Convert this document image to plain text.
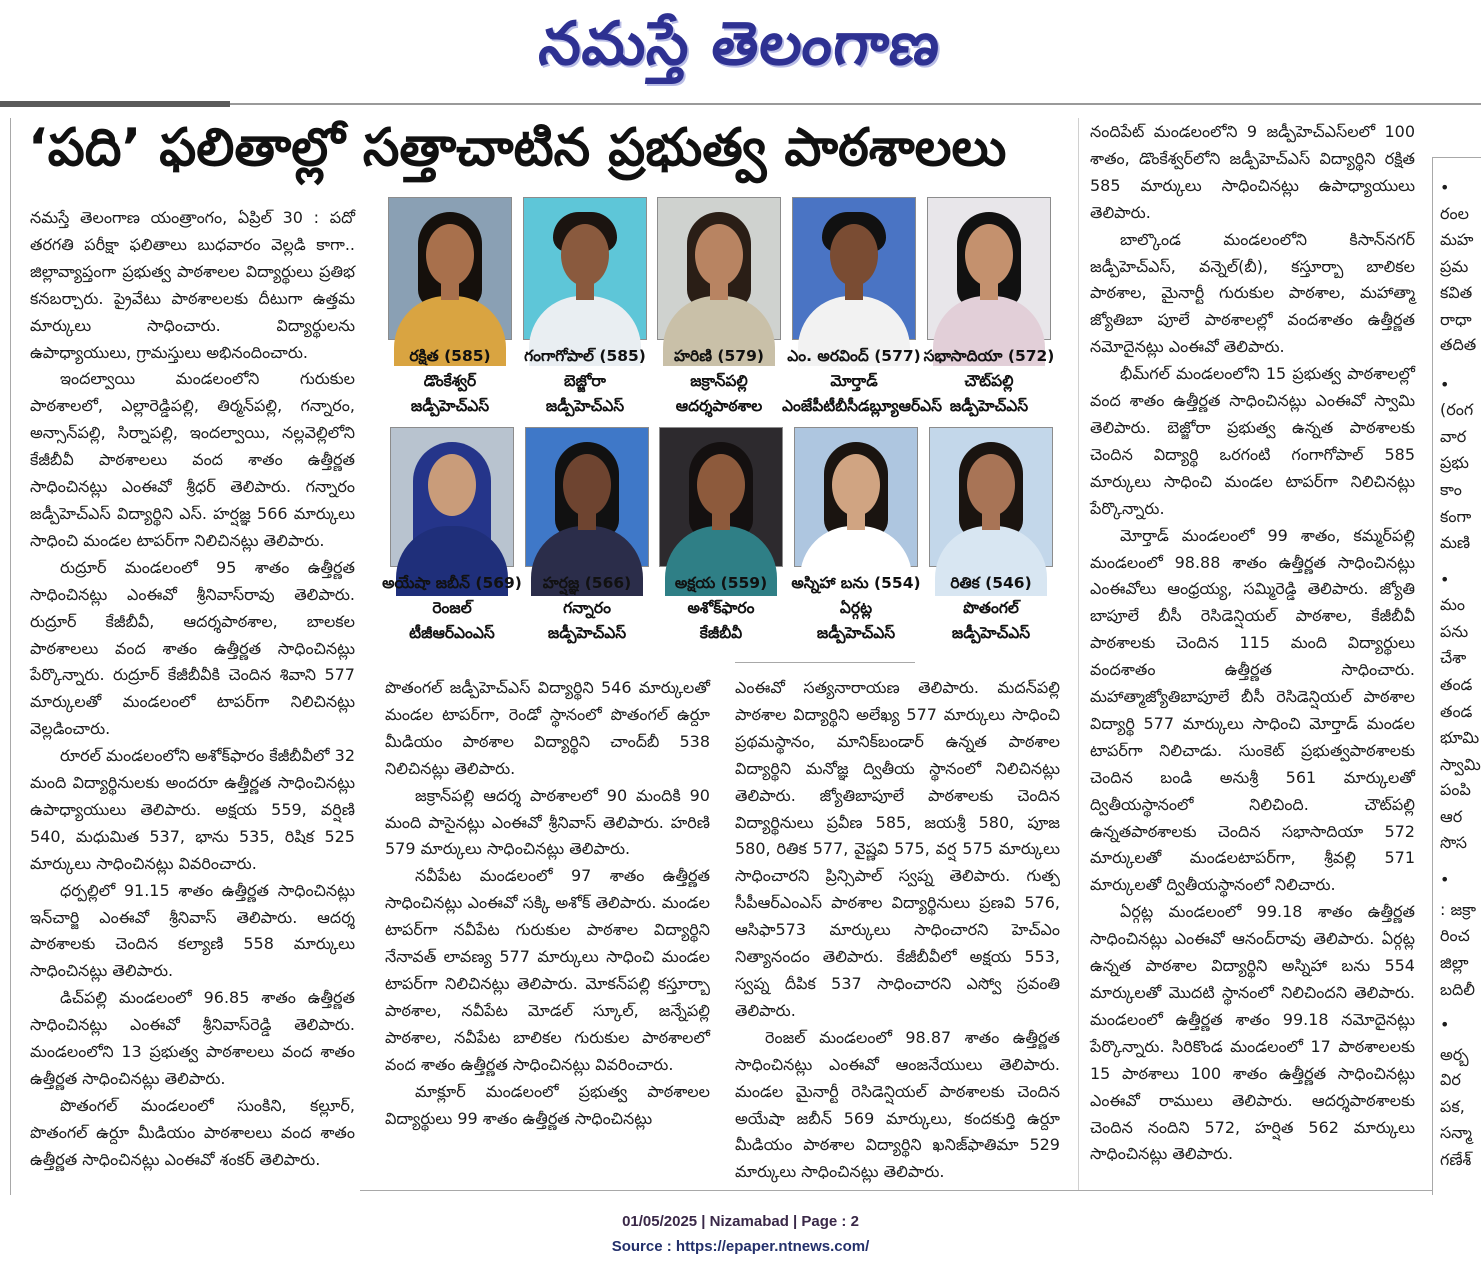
నమస్తే తెలంగాణ
‘పది’ ఫలితాల్లో సత్తాచాటిన ప్రభుత్వ పాఠశాలలు

నమస్తే తెలంగాణ యంత్రాంగం, ఏప్రిల్ 30 : పదో తరగతి పరీక్షా ఫలితాలు బుధవారం వెల్లడి కాగా.. జిల్లావ్యాప్తంగా ప్రభుత్వ పాఠశాలల విద్యార్థులు ప్రతిభ కనబర్చారు. ప్రైవేటు పాఠశాలలకు దీటుగా ఉత్తమ మార్కులు సాధించారు. విద్యార్థులను ఉపాధ్యాయులు, గ్రామస్తులు అభినందించారు.

ఇందల్వాయి మండలంలోని గురుకుల పాఠశాలలో, ఎల్లారెడ్డిపల్లి, తిర్మన్‌పల్లి, గన్నారం, అన్సాన్‌పల్లి, సిర్నాపల్లి, ఇందల్వాయి, నల్లవెల్లిలోని కేజీబీవీ పాఠశాలలు వంద శాతం ఉత్తీర్ణత సాధించినట్లు ఎంఈవో శ్రీధర్ తెలిపారు. గన్నారం జడ్పీహెచ్‌ఎస్ విద్యార్థిని ఎస్. హర్షజ్ఞ 566 మార్కులు సాధించి మండల టాపర్‌గా నిలిచినట్లు తెలిపారు.

రుద్రూర్ మండలంలో 95 శాతం ఉత్తీర్ణత సాధించినట్లు ఎంఈవో శ్రీనివాస్‌రావు తెలిపారు. రుద్రూర్ కేజీబీవీ, ఆదర్శపాఠశాల, బాలకల పాఠశాలలు వంద శాతం ఉత్తీర్ణత సాధించినట్లు పేర్కొన్నారు. రుద్రూర్ కేజీబీవీకి చెందిన శివాని 577 మార్కులతో మండలంలో టాపర్‌గా నిలిచినట్లు వెల్లడించారు.

రూరల్ మండలంలోని అశోక్‌ఫారం కేజీబీవీలో 32 మంది విద్యార్థినులకు అందరూ ఉత్తీర్ణత సాధించినట్లు ఉపాధ్యాయులు తెలిపారు. అక్షయ 559, వర్షిణి 540, మధుమిత 537, భాను 535, రిషిక 525 మార్కులు సాధించినట్లు వివరించారు.

ధర్పల్లిలో 91.15 శాతం ఉత్తీర్ణత సాధించినట్లు ఇన్‌చార్జి ఎంఈవో శ్రీనివాస్ తెలిపారు. ఆదర్శ పాఠశాలకు చెందిన కల్యాణి 558 మార్కులు సాధించినట్లు తెలిపారు.

డిచ్‌పల్లి మండలంలో 96.85 శాతం ఉత్తీర్ణత సాధించినట్లు ఎంఈవో శ్రీనివాస్‌రెడ్డి తెలిపారు. మండలంలోని 13 ప్రభుత్వ పాఠశాలలు వంద శాతం ఉత్తీర్ణత సాధించినట్లు తెలిపారు.

పొతంగల్ మండలంలో సుంకిని, కల్లూర్, పొతంగల్ ఉర్దూ మీడియం పాఠశాలలు వంద శాతం ఉత్తీర్ణత సాధించినట్లు ఎంఈవో శంకర్ తెలిపారు.

రక్షిత (585)
డొంకేశ్వర్
జడ్పీహెచ్‌ఎస్
గంగాగోపాల్ (585)
బెజ్జోరా
జడ్పీహెచ్‌ఎస్
హరిణి (579)
జక్రాన్‌పల్లి
ఆదర్శపాఠశాల
ఎం. అరవింద్ (577)
మోర్తాడ్
ఎంజేపీటీబీసీడబ్ల్యూఆర్ఎస్
సభాసాదియా (572)
చౌట్‌పల్లి
జడ్పీహెచ్‌ఎస్
అయేషా జబీన్ (569)
రెంజల్
టీజీఆర్‌ఎంఎస్
హర్షజ్ఞ (566)
గన్నారం
జడ్పీహెచ్‌ఎస్
అక్షయ (559)
అశోక్‌ఫారం
కేజీబీవీ
అస్నిహా బను (554)
ఏర్గట్ల
జడ్పీహెచ్‌ఎస్
రితిక (546)
పొతంగల్
జడ్పీహెచ్‌ఎస్

పొతంగల్ జడ్పీహెచ్‌ఎస్ విద్యార్థిని 546 మార్కులతో మండల టాపర్‌గా, రెండో స్థానంలో పొతంగల్ ఉర్దూ మీడియం పాఠశాల విద్యార్థిని చాంద్‌బీ 538 నిలిచినట్లు తెలిపారు.

జక్రాన్‌పల్లి ఆదర్శ పాఠశాలలో 90 మందికి 90 మంది పాసైనట్లు ఎంఈవో శ్రీనివాస్ తెలిపారు. హరిణి 579 మార్కులు సాధించినట్లు తెలిపారు.

నవీపేట మండలంలో 97 శాతం ఉత్తీర్ణత సాధించినట్లు ఎంఈవో సక్కి అశోక్ తెలిపారు. మండల టాపర్‌గా నవీపేట గురుకుల పాఠశాల విద్యార్థిని నేనావత్ లావణ్య 577 మార్కులు సాధించి మండల టాపర్‌గా నిలిచినట్లు తెలిపారు. మోకన్‌పల్లి కస్తూర్బా పాఠశాల, నవీపేట మోడల్ స్కూల్, జన్నేపల్లి పాఠశాల, నవీపేట బాలికల గురుకుల పాఠశాలలో వంద శాతం ఉత్తీర్ణత సాధించినట్లు వివరించారు.

మాక్లూర్ మండలంలో ప్రభుత్వ పాఠశాలల విద్యార్థులు 99 శాతం ఉత్తీర్ణత సాధించినట్లు

ఎంఈవో సత్యనారాయణ తెలిపారు. మదన్‌పల్లి పాఠశాల విద్యార్థిని అలేఖ్య 577 మార్కులు సాధించి ప్రథమస్థానం, మానిక్‌బండార్ ఉన్నత పాఠశాల విద్యార్థిని మనోజ్ఞ ద్వితీయ స్థానంలో నిలిచినట్లు తెలిపారు. జ్యోతిబాపూలే పాఠశాలకు చెందిన విద్యార్థినులు ప్రవీణ 585, జయశ్రీ 580, పూజ 580, రితిక 577, వైష్ణవి 575, వర్ష 575 మార్కులు సాధించారని ప్రిన్సిపాల్ స్వప్న తెలిపారు. గుత్ప సీపీఆర్ఎంఎస్ పాఠశాల విద్యార్థినులు ప్రణవి 576, ఆసిఫా573 మార్కులు సాధించారని హెచ్ఎం నిత్యానందం తెలిపారు. కేజీబీవీలో అక్షయ 553, స్వప్న దీపిక 537 సాధించారని ఎస్వో స్రవంతి తెలిపారు.

రెంజల్ మండలంలో 98.87 శాతం ఉత్తీర్ణత సాధించినట్లు ఎంఈవో ఆంజనేయులు తెలిపారు. మండల మైనార్టీ రెసిడెన్షియల్ పాఠశాలకు చెందిన అయేషా జబీన్ 569 మార్కులు, కందకుర్తి ఉర్దూ మీడియం పాఠశాల విద్యార్థిని ఖనిజ్‌ఫాతిమా 529 మార్కులు సాధించినట్లు తెలిపారు.

నందిపేట్ మండలంలోని 9 జడ్పీహెచ్‌ఎస్‌లలో 100 శాతం, డొంకేశ్వర్‌లోని జడ్పీహెచ్‌ఎస్ విద్యార్థిని రక్షిత 585 మార్కులు సాధించినట్లు ఉపాధ్యాయులు తెలిపారు.

బాల్కొండ మండలంలోని కిసాన్‌నగర్ జడ్పీహెచ్‌ఎస్, వన్నెల్(బీ), కస్తూర్బా బాలికల పాఠశాల, మైనార్టీ గురుకుల పాఠశాల, మహాత్మా జ్యోతిబా పూలే పాఠశాలల్లో వందశాతం ఉత్తీర్ణత నమోదైనట్లు ఎంఈవో తెలిపారు.

భీమ్‌గల్ మండలంలోని 15 ప్రభుత్వ పాఠశాలల్లో వంద శాతం ఉత్తీర్ణత సాధించినట్లు ఎంఈవో స్వామి తెలిపారు. బెజ్జోరా ప్రభుత్వ ఉన్నత పాఠశాలకు చెందిన విద్యార్థి ఒరగంటి గంగాగోపాల్ 585 మార్కులు సాధించి మండల టాపర్‌గా నిలిచినట్లు పేర్కొన్నారు.

మోర్తాడ్ మండలంలో 99 శాతం, కమ్మర్‌పల్లి మండలంలో 98.88 శాతం ఉత్తీర్ణత సాధించినట్లు ఎంఈవోలు ఆంధ్రయ్య, సమ్మిరెడ్డి తెలిపారు. జ్యోతి బాపూలే బీసీ రెసిడెన్షియల్ పాఠశాల, కేజీబీవీ పాఠశాలకు చెందిన 115 మంది విద్యార్థులు వందశాతం ఉత్తీర్ణత సాధించారు. మహాత్మాజ్యోతిబాపూలే బీసీ రెసిడెన్షియల్ పాఠశాల విద్యార్థి 577 మార్కులు సాధించి మోర్తాడ్ మండల టాపర్‌గా నిలిచాడు. సుంకెట్ ప్రభుత్వపాఠశాలకు చెందిన బండి అనుశ్రీ 561 మార్కులతో ద్వితీయస్థానంలో నిలిచింది. చౌట్‌పల్లి ఉన్నతపాఠశాలకు చెందిన సభాసాదియా 572 మార్కులతో మండలటాపర్‌గా, శ్రీవల్లి 571 మార్కులతో ద్వితీయస్థానంలో నిలిచారు.

ఏర్గట్ల మండలంలో 99.18 శాతం ఉత్తీర్ణత సాధించినట్లు ఎంఈవో ఆనంద్‌రావు తెలిపారు. ఏర్గట్ల ఉన్నత పాఠశాల విద్యార్థిని అస్నిహా బను 554 మార్కులతో మొదటి స్థానంలో నిలిచిందని తెలిపారు. మండలంలో ఉత్తీర్ణత శాతం 99.18 నమోదైనట్లు పేర్కొన్నారు. సిరికొండ మండలంలో 17 పాఠశాలలకు 15 పాఠశాలు 100 శాతం ఉత్తీర్ణత సాధించినట్లు ఎంఈవో రాములు తెలిపారు. ఆదర్శపాఠశాలకు చెందిన నందిని 572, హర్షిత 562 మార్కులు సాధించినట్లు తెలిపారు.

•
రంల
మహ
ప్రమ
కవిత
రాధా
తదిత
•
(రంగ
వార
ప్రభు
కాం
కంగా
మణి
•
మం
పను
చేశా
తండ
తండ
భూమి
స్వామి
పంపి
ఆర
సొస
•
: జక్రా
రించ
జిల్లా
బదిలీ
•
అర్బ
విర
పక,
సన్మా
గణేశ్
01/05/2025 | Nizamabad | Page : 2
Source : https://epaper.ntnews.com/
